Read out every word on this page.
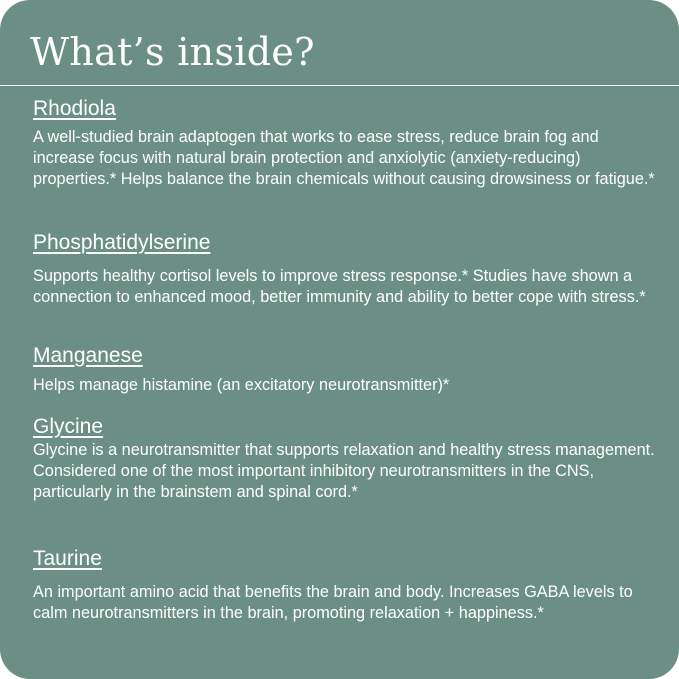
What’s inside?
Rhodiola

A well-studied brain adaptogen that works to ease stress, reduce brain fog and increase focus with natural brain protection and anxiolytic (anxiety-reducing) properties.* Helps balance the brain chemicals without causing drowsiness or fatigue.*

Phosphatidylserine

Supports healthy cortisol levels to improve stress response.* Studies have shown a connection to enhanced mood, better immunity and ability to better cope with stress.*

Manganese

Helps manage histamine (an excitatory neurotransmitter)*

Glycine

Glycine is a neurotransmitter that supports relaxation and healthy stress management. Considered one of the most important inhibitory neurotransmitters in the CNS, particularly in the brainstem and spinal cord.*

Taurine

An important amino acid that benefits the brain and body. Increases GABA levels to calm neurotransmitters in the brain, promoting relaxation + happiness.*
